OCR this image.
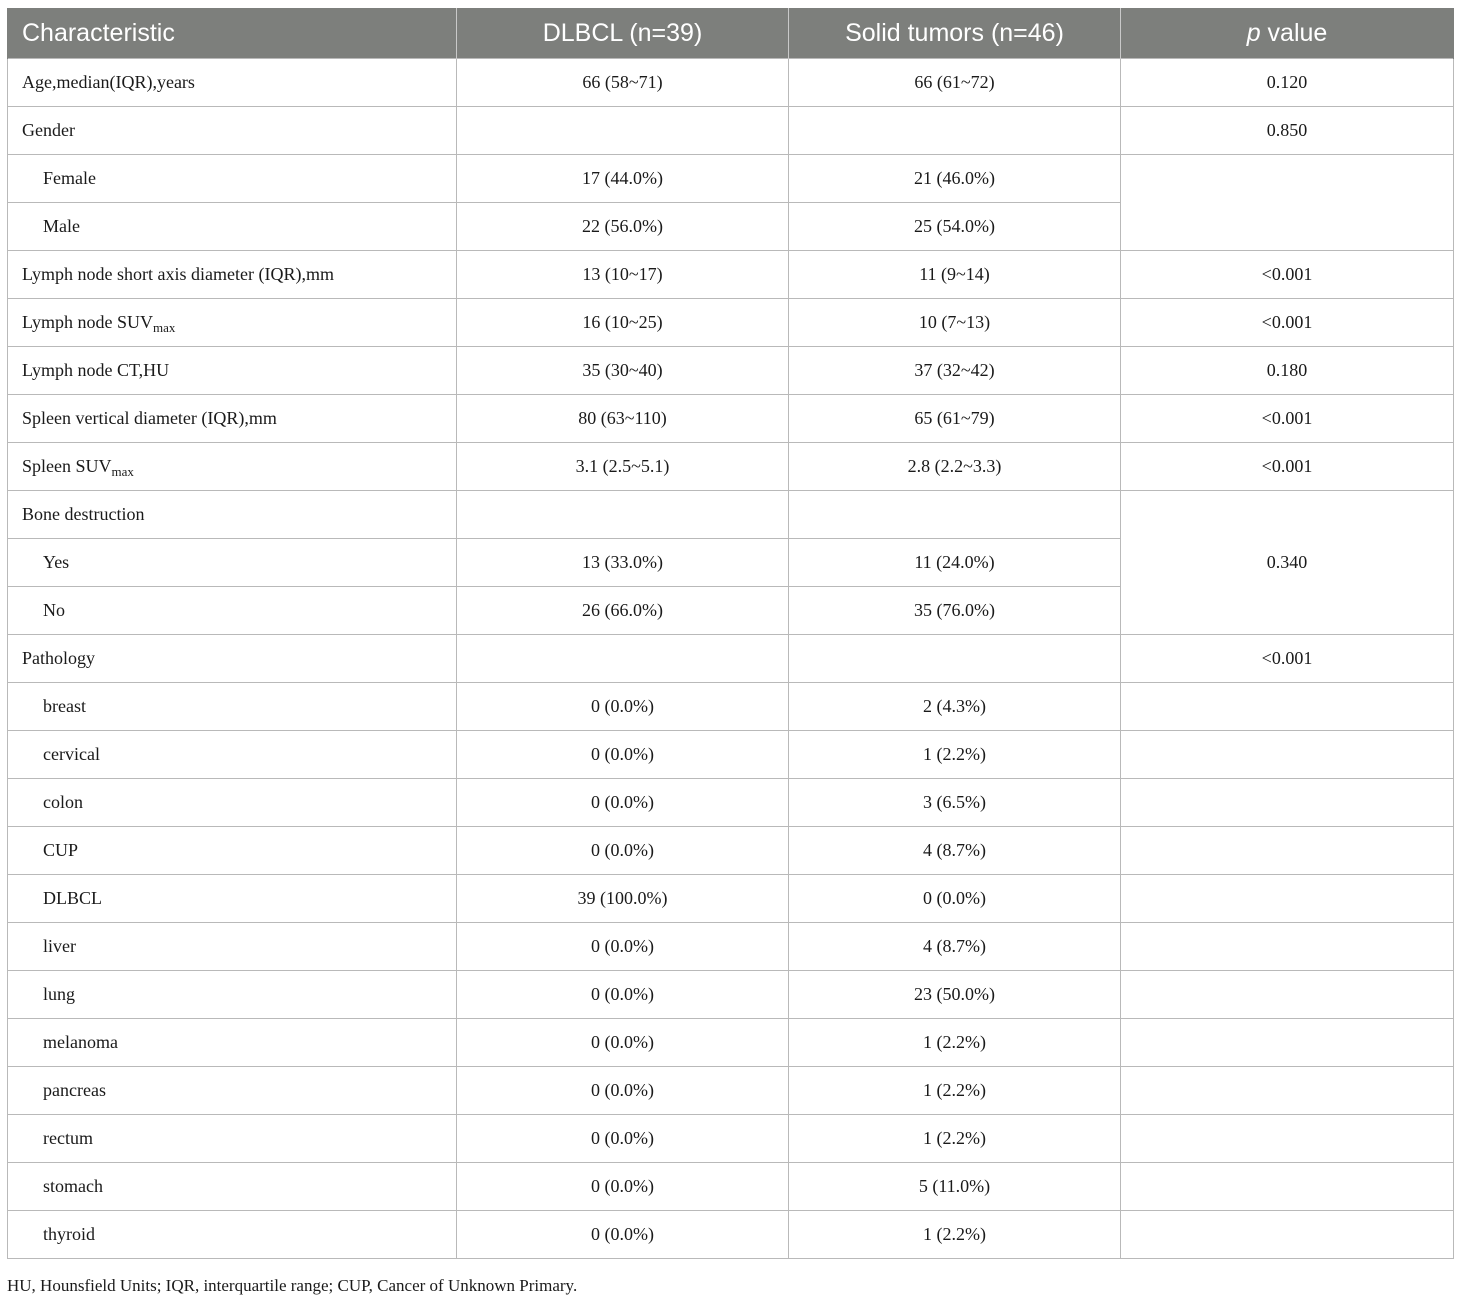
Characteristic	DLBCL (n=39)	Solid tumors (n=46)	p value
Age,median(IQR),years	66 (58~71)	66 (61~72)	0.120
Gender			0.850
Female	17 (44.0%)	21 (46.0%)	
Male	22 (56.0%)	25 (54.0%)	
Lymph node short axis diameter (IQR),mm	13 (10~17)	11 (9~14)	<0.001
Lymph node $SUV_{max}$	16 (10~25)	10 (7~13)	<0.001
Lymph node CT,HU	35 (30~40)	37 (32~42)	0.180
Spleen vertical diameter (IQR),mm	80 (63~110)	65 (61~79)	<0.001
Spleen $SUV_{max}$	3.1 (2.5~5.1)	2.8 (2.2~3.3)	<0.001
Bone destruction			0.340
Yes	13 (33.0%)	11 (24.0%)	
No	26 (66.0%)	35 (76.0%)	
Pathology			<0.001
breast	0 (0.0%)	2 (4.3%)	
cervical	0 (0.0%)	1 (2.2%)	
colon	0 (0.0%)	3 (6.5%)	
CUP	0 (0.0%)	4 (8.7%)	
DLBCL	39 (100.0%)	0 (0.0%)	
liver	0 (0.0%)	4 (8.7%)	
lung	0 (0.0%)	23 (50.0%)	
melanoma	0 (0.0%)	1 (2.2%)	
pancreas	0 (0.0%)	1 (2.2%)	
rectum	0 (0.0%)	1 (2.2%)	
stomach	0 (0.0%)	5 (11.0%)	
thyroid	0 (0.0%)	1 (2.2%)	
HU, Hounsfield Units; IQR, interquartile range; CUP, Cancer of Unknown Primary.
